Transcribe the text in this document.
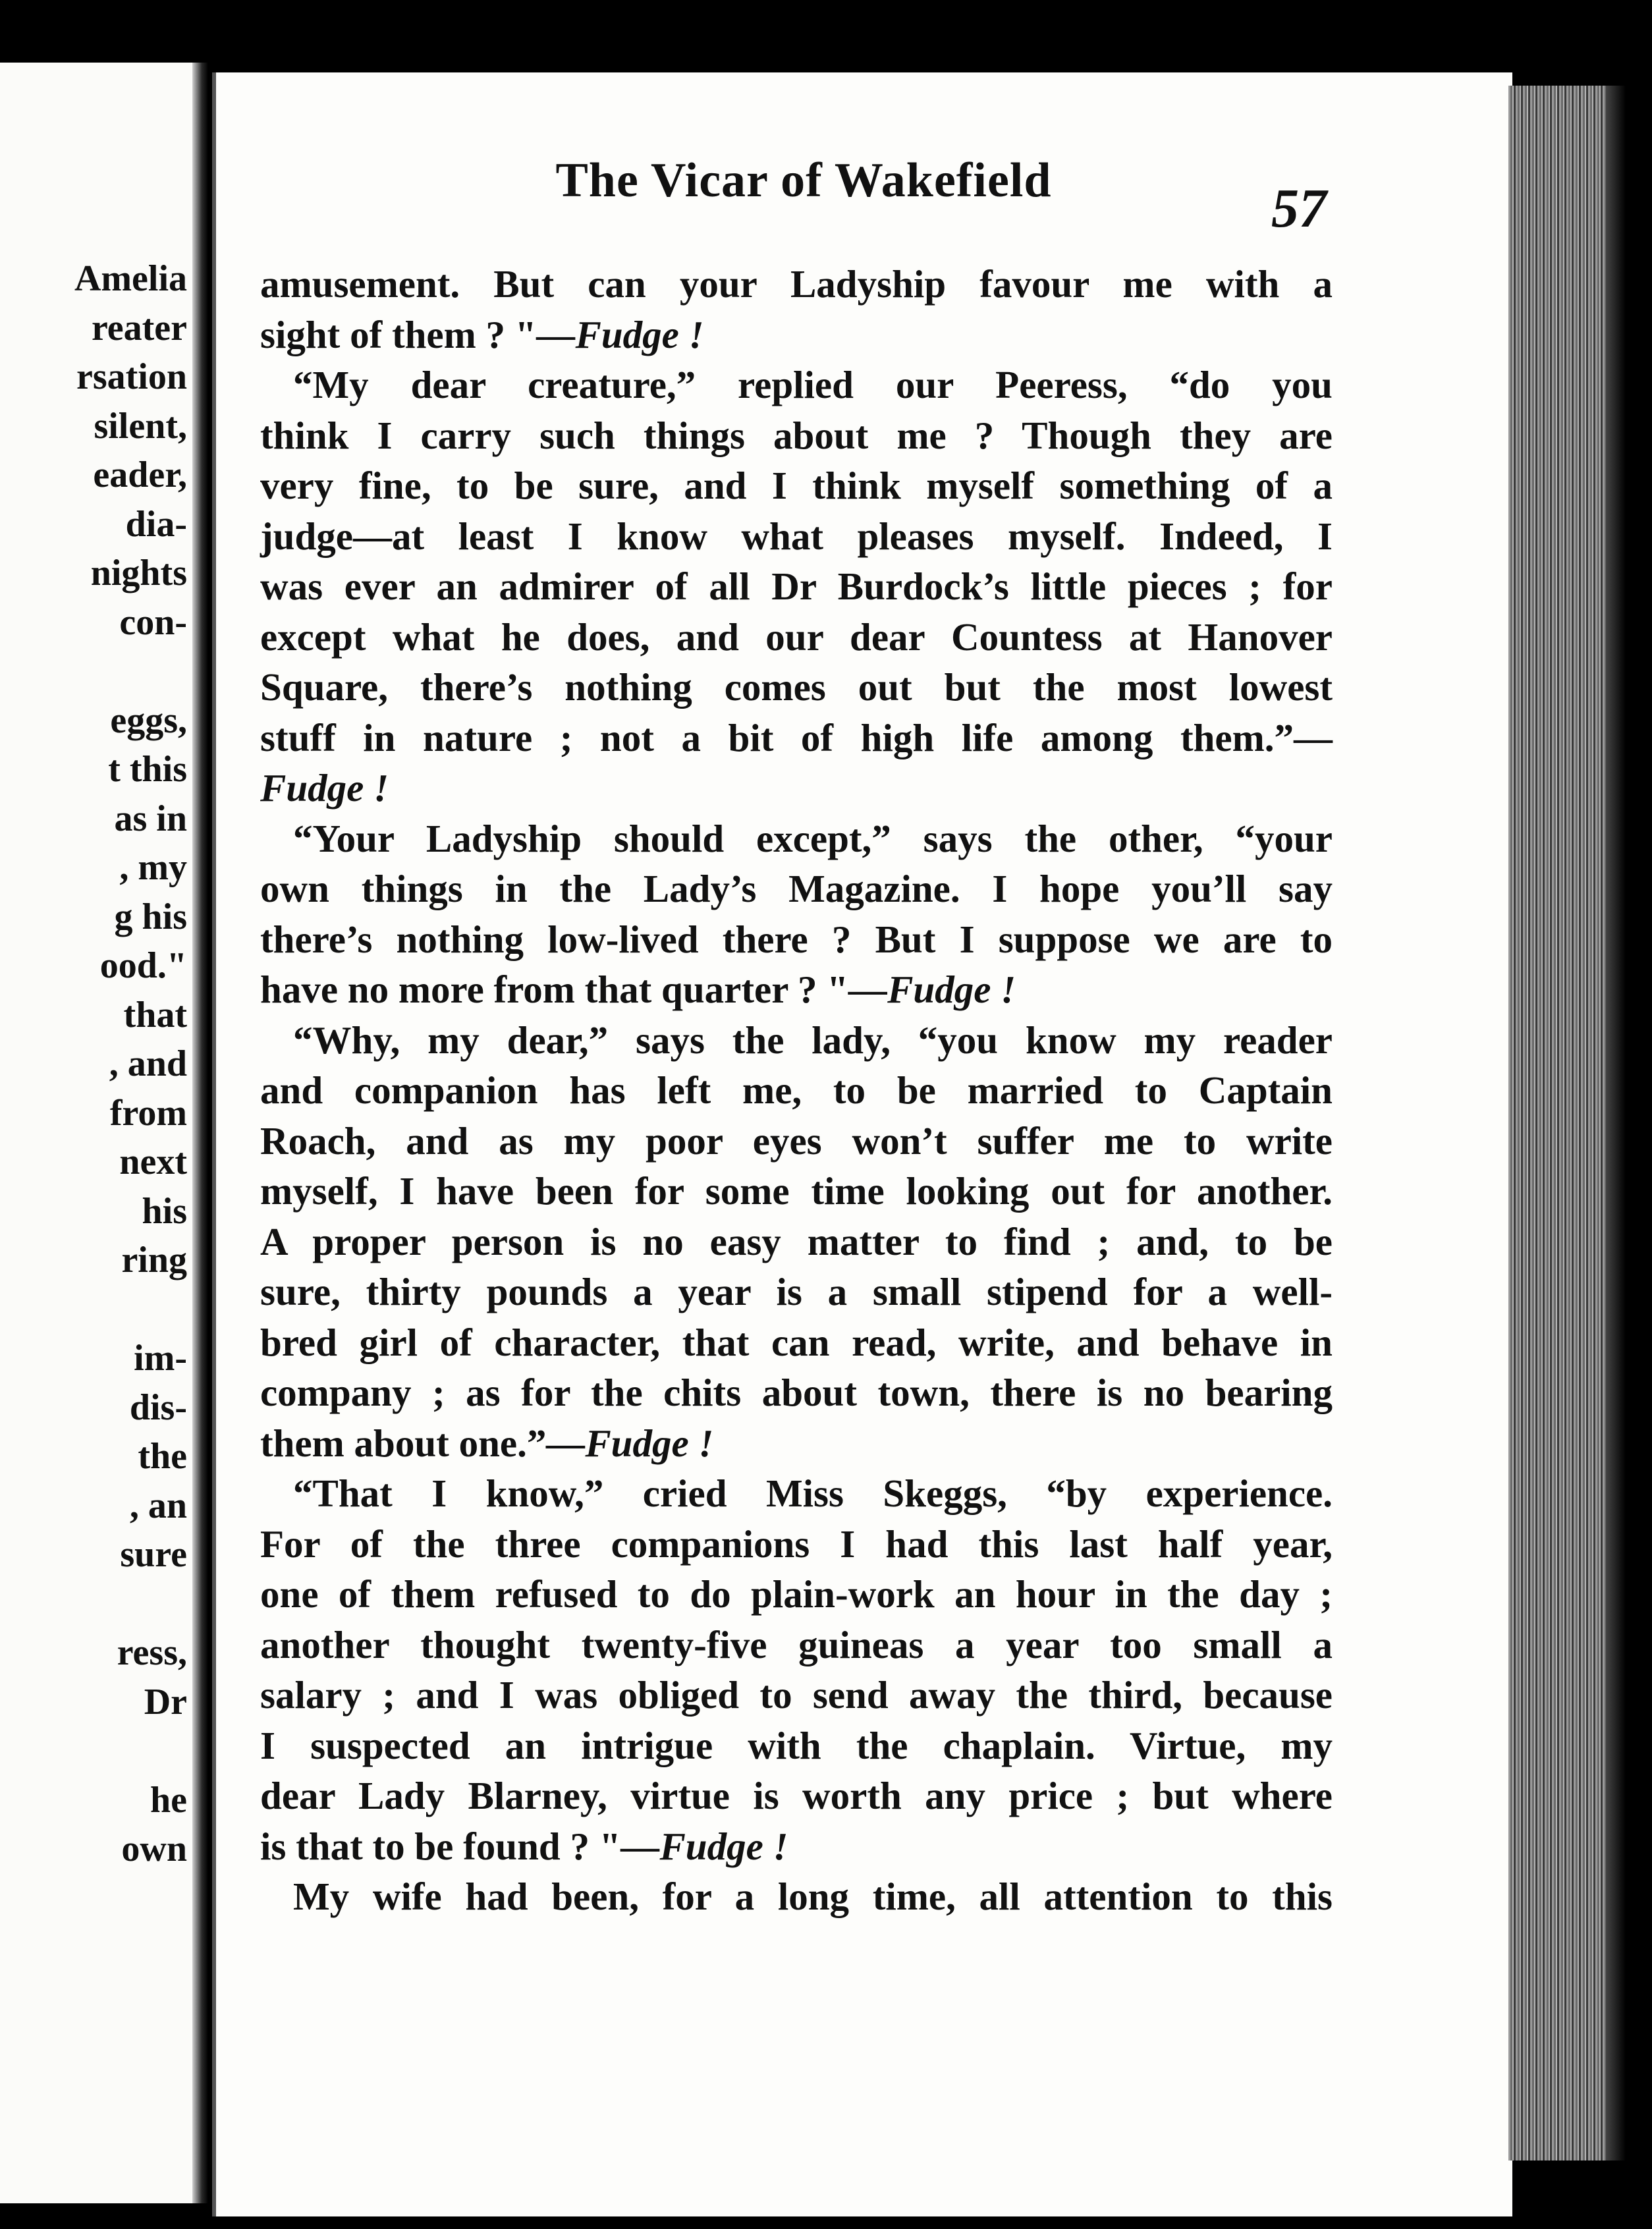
Amelia
reater
rsation
silent,
eader,
dia-
nights
con-
eggs,
t this
as in
, my
g his
ood."
that
, and
from
next
his
ring
im-
dis-
the
, an
sure
ress,
Dr
he
own
The Vicar of Wakefield	57
amusement. But can your Ladyship favour me with a
sight of them ? "—Fudge !
“My dear creature,” replied our Peeress, “do you
think I carry such things about me ? Though they are
very fine, to be sure, and I think myself something of a
judge—at least I know what pleases myself. Indeed, I
was ever an admirer of all Dr Burdock’s little pieces ; for
except what he does, and our dear Countess at Hanover
Square, there’s nothing comes out but the most lowest
stuff in nature ; not a bit of high life among them.”—
Fudge !
“Your Ladyship should except,” says the other, “your
own things in the Lady’s Magazine. I hope you’ll say
there’s nothing low-lived there ? But I suppose we are to
have no more from that quarter ? "—Fudge !
“Why, my dear,” says the lady, “you know my reader
and companion has left me, to be married to Captain
Roach, and as my poor eyes won’t suffer me to write
myself, I have been for some time looking out for another.
A proper person is no easy matter to find ; and, to be
sure, thirty pounds a year is a small stipend for a well-
bred girl of character, that can read, write, and behave in
company ; as for the chits about town, there is no bearing
them about one.”—Fudge !
“That I know,” cried Miss Skeggs, “by experience.
For of the three companions I had this last half year,
one of them refused to do plain-work an hour in the day ;
another thought twenty-five guineas a year too small a
salary ; and I was obliged to send away the third, because
I suspected an intrigue with the chaplain. Virtue, my
dear Lady Blarney, virtue is worth any price ; but where
is that to be found ? "—Fudge !
My wife had been, for a long time, all attention to this
